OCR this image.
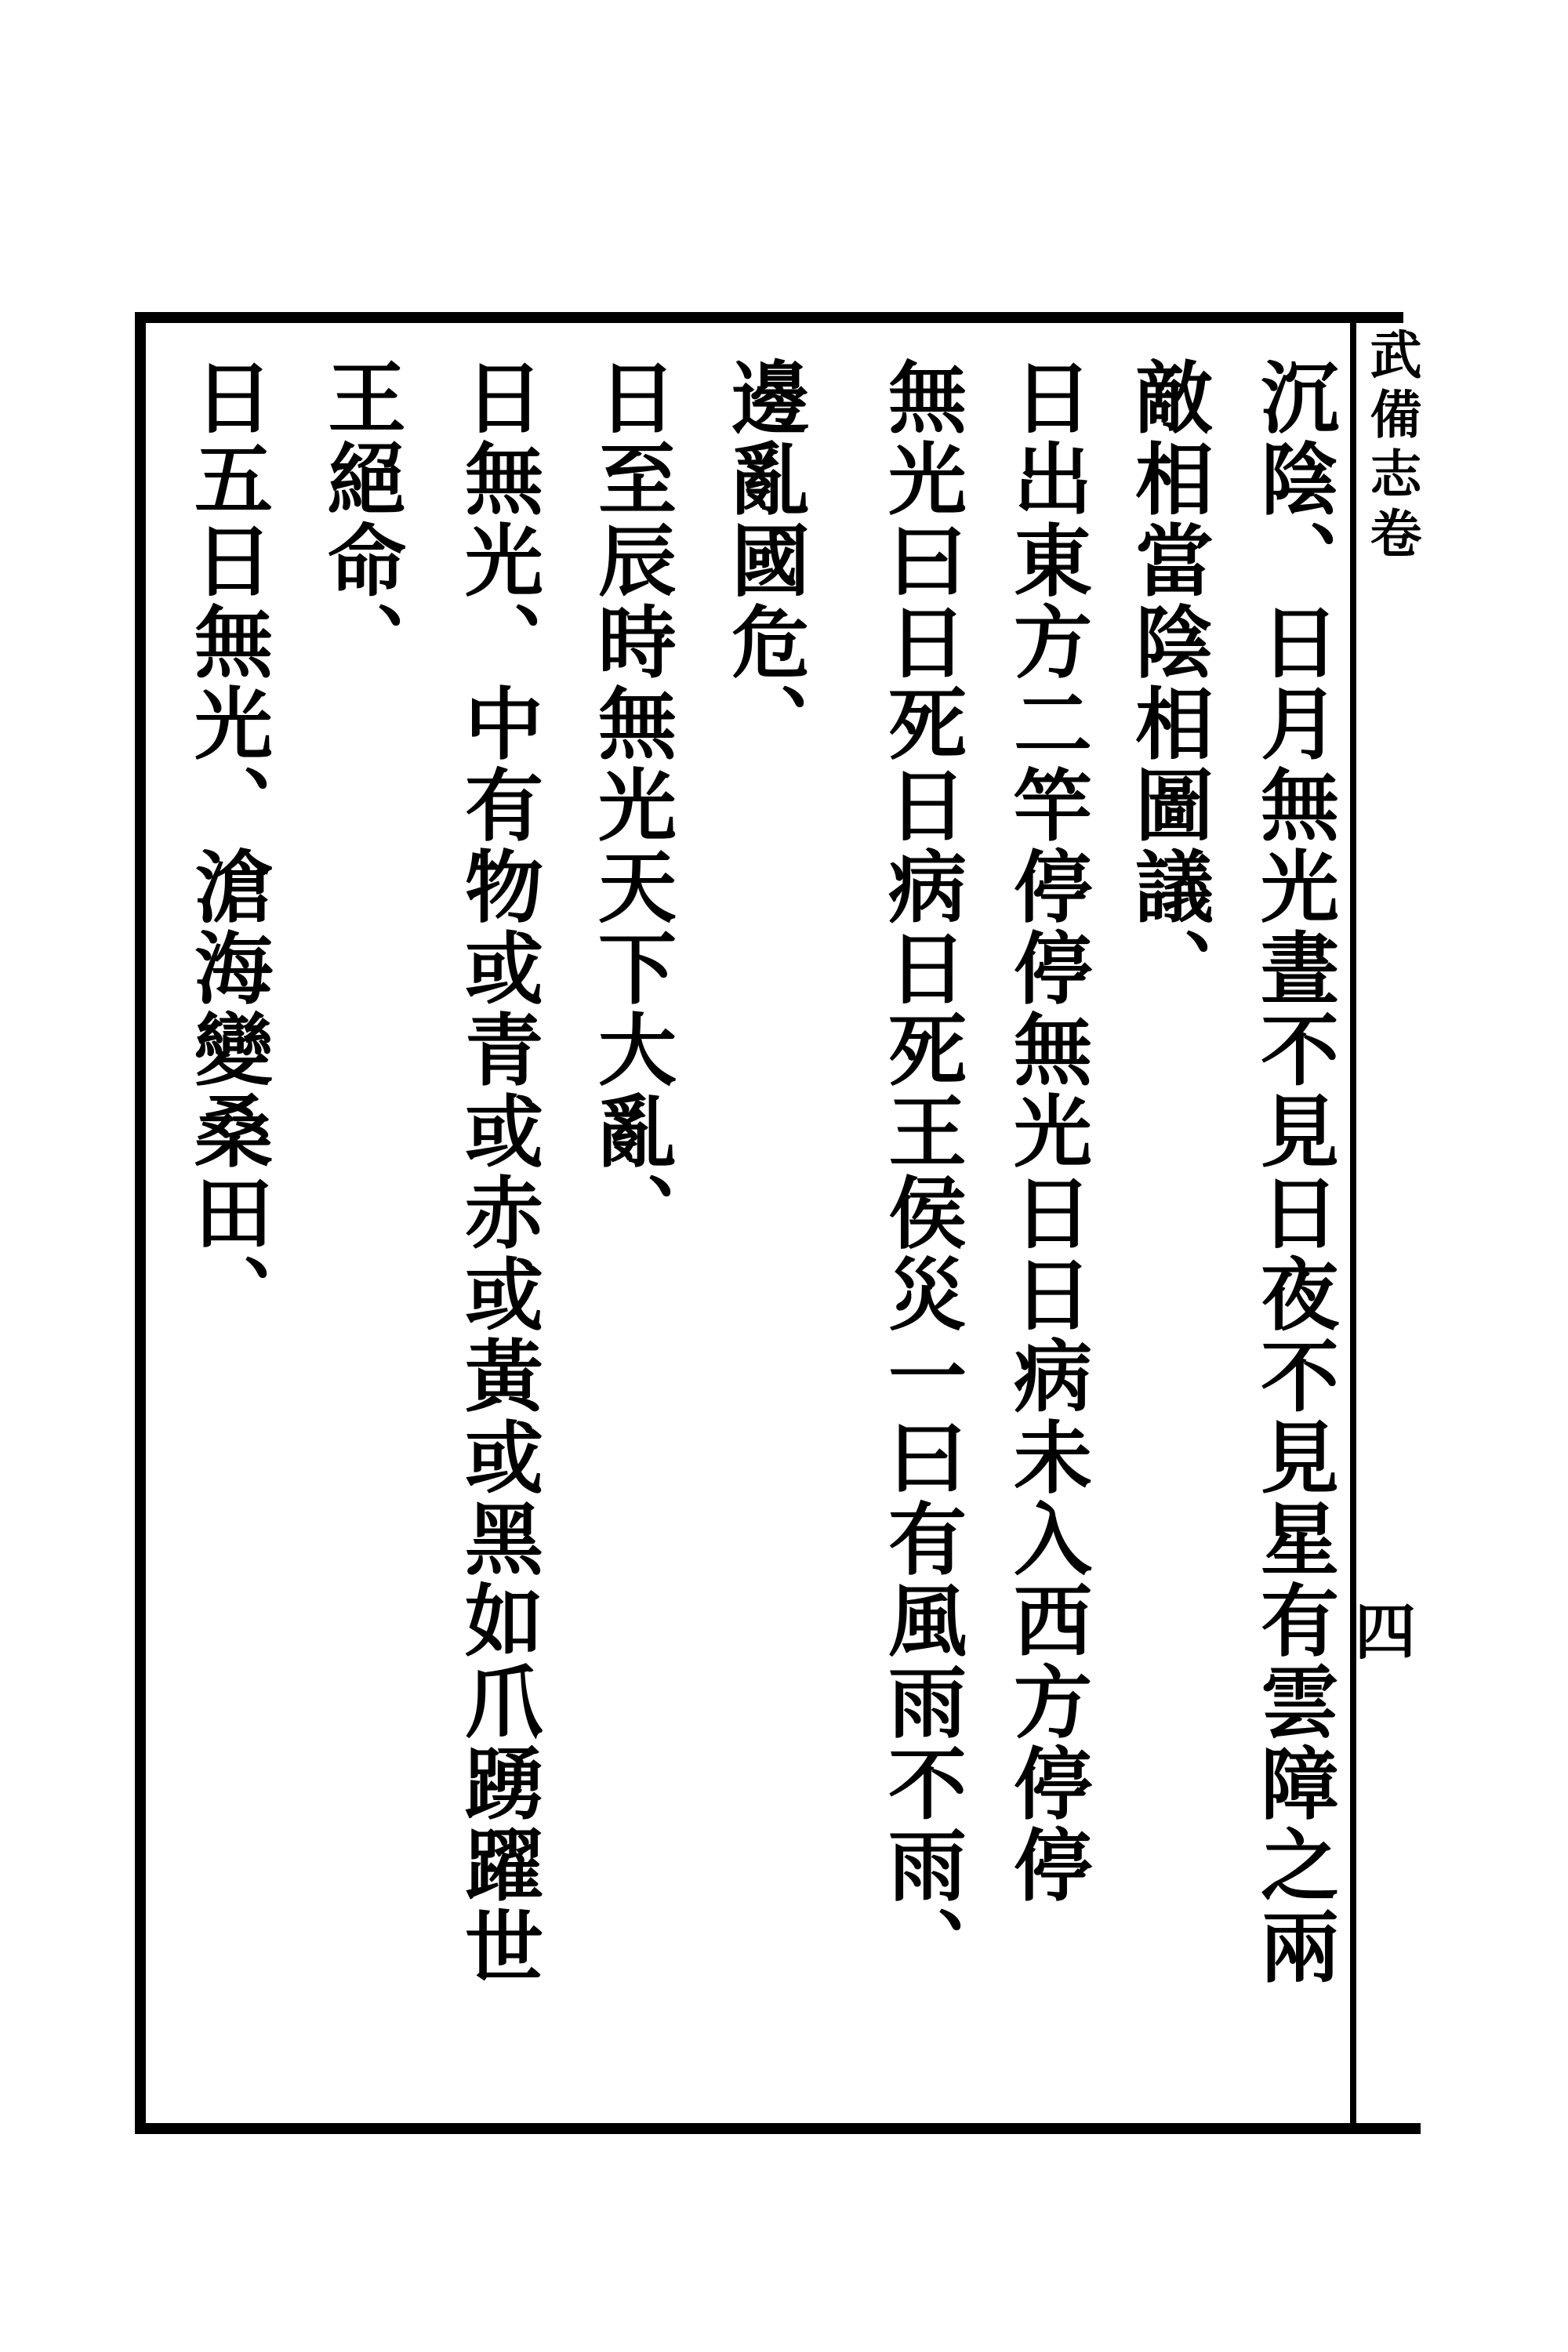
武備志卷
四
沉陰、日月無光晝不見日夜不見星有雲障之兩
敵相當陰相圖議、
日出東方二竿停停無光日日病未入西方停停
無光曰日死日病日死王侯災一曰有風雨不雨、
邊亂國危、
日至辰時無光天下大亂、
日無光、中有物或青或赤或黃或黑如爪踴躍世
王絕命、
日五日無光、滄海變桑田、
